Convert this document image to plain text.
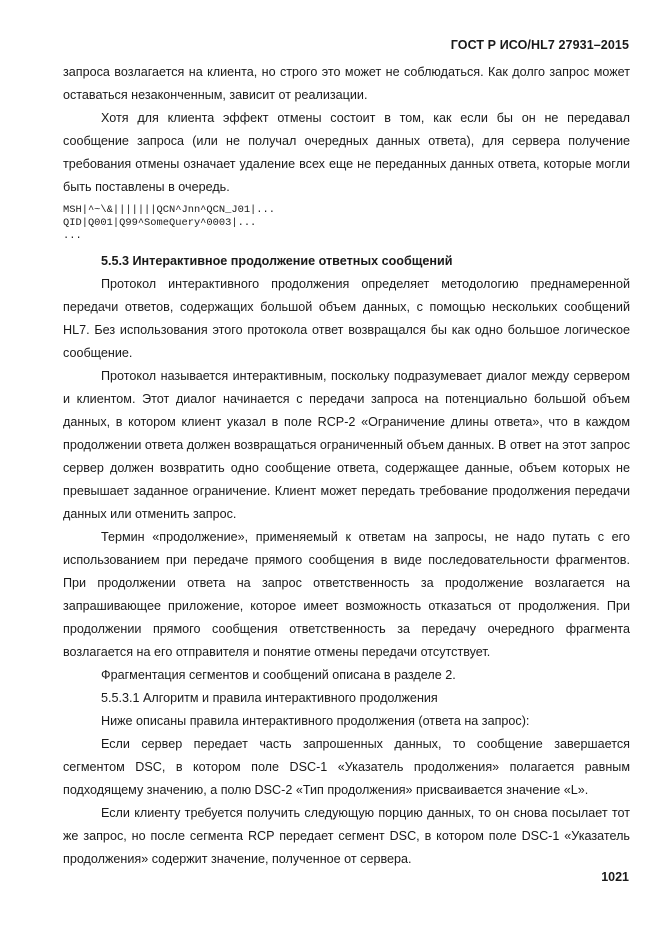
ГОСТ Р ИСО/HL7 27931–2015

запроса возлагается на клиента, но строго это может не соблюдаться. Как долго запрос может оставаться незаконченным, зависит от реализации.

Хотя для клиента эффект отмены состоит в том, как если бы он не передавал сообщение запроса (или не получал очередных данных ответа), для сервера получение требования отмены означает удаление всех еще не переданных данных ответа, которые могли быть поставлены в очередь.

MSH|^~\&|||||||QCN^Jnn^QCN_J01|...
QID|Q001|Q99^SomeQuery^0003|...
...

5.5.3 Интерактивное продолжение ответных сообщений

Протокол интерактивного продолжения определяет методологию преднамеренной передачи ответов, содержащих большой объем данных, с помощью нескольких сообщений HL7. Без использования этого протокола ответ возвращался бы как одно большое логическое сообщение.

Протокол называется интерактивным, поскольку подразумевает диалог между сервером и клиентом. Этот диалог начинается с передачи запроса на потенциально большой объем данных, в котором клиент указал в поле RCP-2 «Ограничение длины ответа», что в каждом продолжении ответа должен возвращаться ограниченный объем данных. В ответ на этот запрос сервер должен возвратить одно сообщение ответа, содержащее данные, объем которых не превышает заданное ограничение. Клиент может передать требование продолжения передачи данных или отменить запрос.

Термин «продолжение», применяемый к ответам на запросы, не надо путать с его использованием при передаче прямого сообщения в виде последовательности фрагментов. При продолжении ответа на запрос ответственность за продолжение возлагается на запрашивающее приложение, которое имеет возможность отказаться от продолжения. При продолжении прямого сообщения ответственность за передачу очередного фрагмента возлагается на его отправителя и понятие отмены передачи отсутствует.

Фрагментация сегментов и сообщений описана в разделе 2.

5.5.3.1 Алгоритм и правила интерактивного продолжения

Ниже описаны правила интерактивного продолжения (ответа на запрос):

Если сервер передает часть запрошенных данных, то сообщение завершается сегментом DSC, в котором поле DSC-1 «Указатель продолжения» полагается равным подходящему значению, а полю DSC-2 «Тип продолжения» присваивается значение «L».

Если клиенту требуется получить следующую порцию данных, то он снова посылает тот же запрос, но после сегмента RCP передает сегмент DSC, в котором поле DSC-1 «Указатель продолжения» содержит значение, полученное от сервера.

1021
